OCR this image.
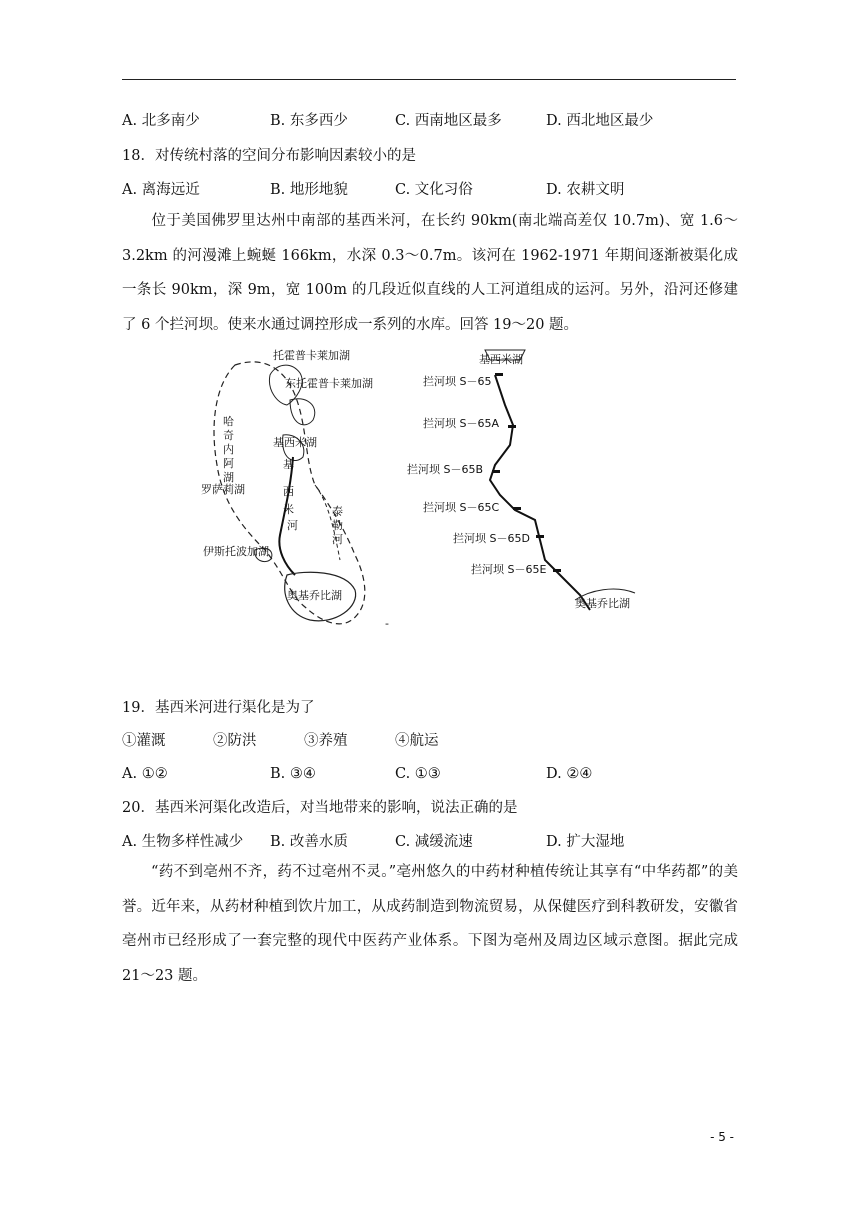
A. 北多南少	B. 东多西少	C. 西南地区最多	D. 西北地区最少
18．对传统村落的空间分布影响因素较小的是
A. 离海远近	B. 地形地貌	C. 文化习俗	D. 农耕文明
位于美国佛罗里达州中南部的基西米河，在长约 90km(南北端高差仅 10.7m)、宽 1.6～3.2km 的河漫滩上蜿蜒 166km，水深 0.3～0.7m。该河在 1962-1971 年期间逐渐被渠化成一条长 90km，深 9m，宽 100m 的几段近似直线的人工河道组成的运河。另外，沿河还修建了 6 个拦河坝。使来水通过调控形成一系列的水库。回答 19～20 题。
托霍普卡莱加湖
东托霍普卡莱加湖
哈
奇
内
阿
湖
基西米湖
基
西
米
河
罗萨莉湖
泰
勒
河
伊斯托波加湖
奥基乔比湖
基西米湖
拦河坝 S－65
拦河坝 S－65A
拦河坝 S－65B
拦河坝 S－65C
拦河坝 S－65D
拦河坝 S－65E
奥基乔比湖
-
19．基西米河进行渠化是为了
①灌溉	②防洪	③养殖	④航运
A. ①②	B. ③④	C. ①③	D. ②④
20．基西米河渠化改造后，对当地带来的影响，说法正确的是
A. 生物多样性减少 B. 改善水质	C. 减缓流速	D. 扩大湿地
“药不到亳州不齐，药不过亳州不灵。”亳州悠久的中药材种植传统让其享有“中华药都”的美誉。近年来，从药材种植到饮片加工，从成药制造到物流贸易，从保健医疗到科教研发，安徽省亳州市已经形成了一套完整的现代中医药产业体系。下图为亳州及周边区域示意图。据此完成 21～23 题。
- 5 -
